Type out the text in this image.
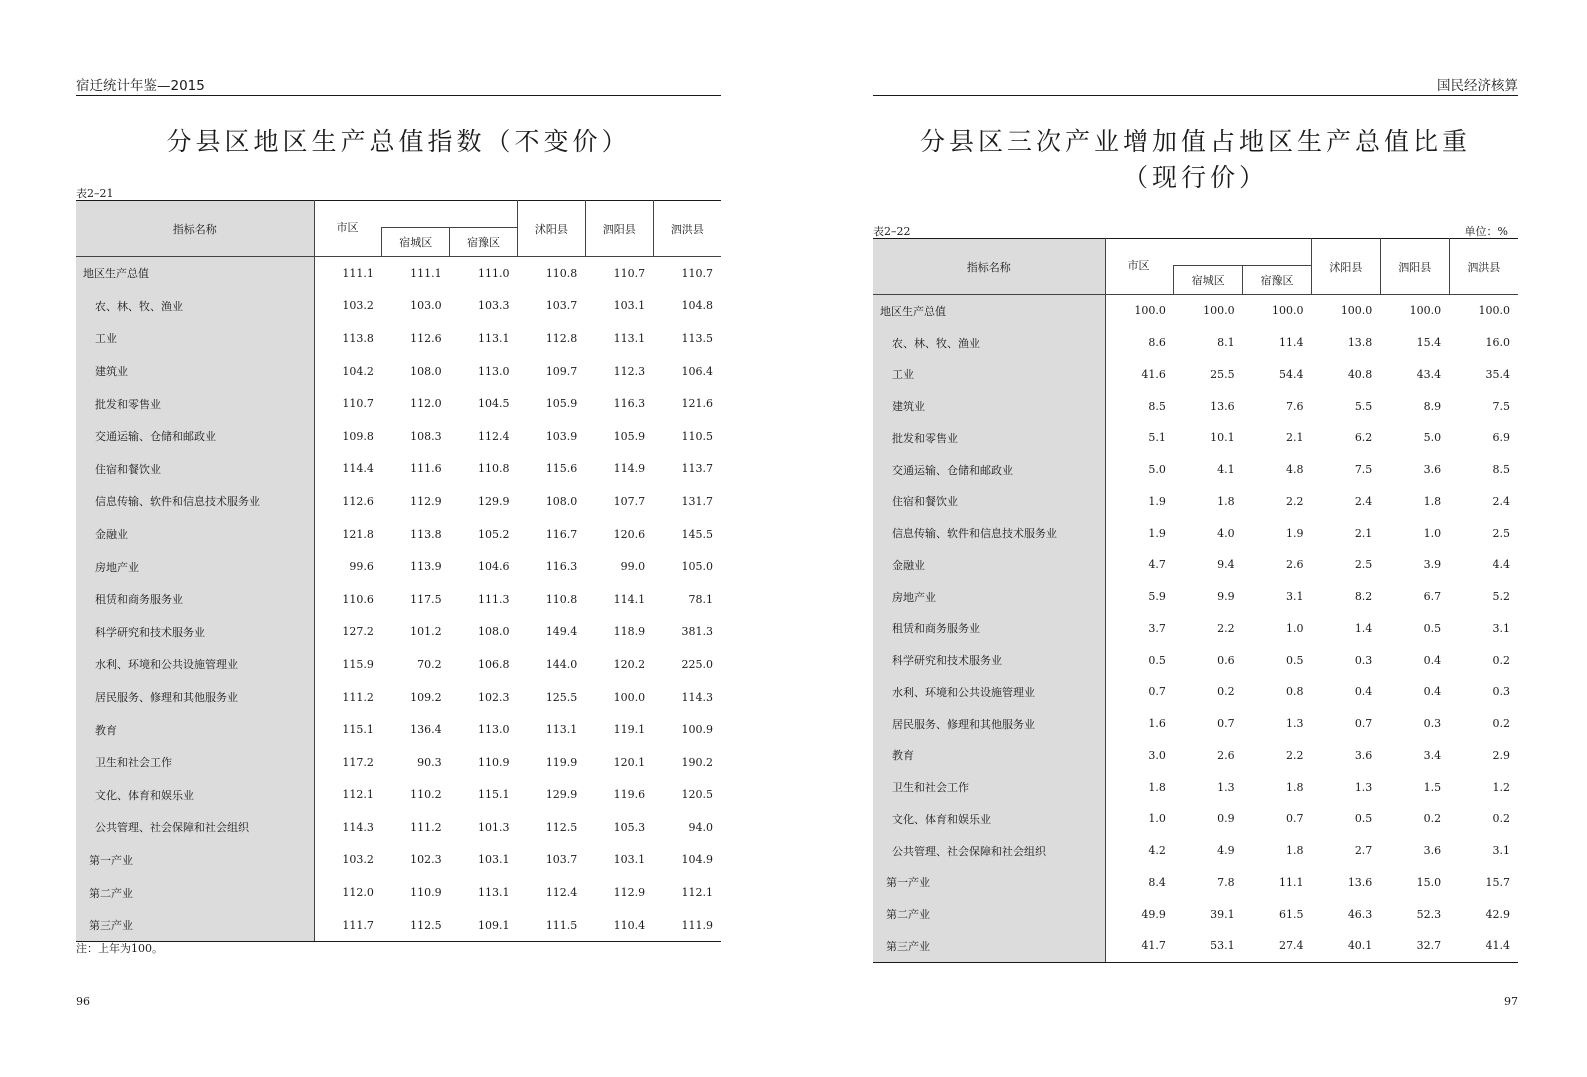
宿迁统计年鉴—2015
分县区地区生产总值指数（不变价）
表2–21
指标名称	市区			沭阳县	泗阳县	泗洪县
		宿城区	宿豫区			
地区生产总值	111.1	111.1	111.0	110.8	110.7	110.7
农、林、牧、渔业	103.2	103.0	103.3	103.7	103.1	104.8
工业	113.8	112.6	113.1	112.8	113.1	113.5
建筑业	104.2	108.0	113.0	109.7	112.3	106.4
批发和零售业	110.7	112.0	104.5	105.9	116.3	121.6
交通运输、仓储和邮政业	109.8	108.3	112.4	103.9	105.9	110.5
住宿和餐饮业	114.4	111.6	110.8	115.6	114.9	113.7
信息传输、软件和信息技术服务业	112.6	112.9	129.9	108.0	107.7	131.7
金融业	121.8	113.8	105.2	116.7	120.6	145.5
房地产业	99.6	113.9	104.6	116.3	99.0	105.0
租赁和商务服务业	110.6	117.5	111.3	110.8	114.1	78.1
科学研究和技术服务业	127.2	101.2	108.0	149.4	118.9	381.3
水利、环境和公共设施管理业	115.9	70.2	106.8	144.0	120.2	225.0
居民服务、修理和其他服务业	111.2	109.2	102.3	125.5	100.0	114.3
教育	115.1	136.4	113.0	113.1	119.1	100.9
卫生和社会工作	117.2	90.3	110.9	119.9	120.1	190.2
文化、体育和娱乐业	112.1	110.2	115.1	129.9	119.6	120.5
公共管理、社会保障和社会组织	114.3	111.2	101.3	112.5	105.3	94.0
第一产业	103.2	102.3	103.1	103.7	103.1	104.9
第二产业	112.0	110.9	113.1	112.4	112.9	112.1
第三产业	111.7	112.5	109.1	111.5	110.4	111.9
注：上年为100。
96
国民经济核算
分县区三次产业增加值占地区生产总值比重
（现行价）
表2–22	单位：%
指标名称	市区			沭阳县	泗阳县	泗洪县
		宿城区	宿豫区			
地区生产总值	100.0	100.0	100.0	100.0	100.0	100.0
农、林、牧、渔业	8.6	8.1	11.4	13.8	15.4	16.0
工业	41.6	25.5	54.4	40.8	43.4	35.4
建筑业	8.5	13.6	7.6	5.5	8.9	7.5
批发和零售业	5.1	10.1	2.1	6.2	5.0	6.9
交通运输、仓储和邮政业	5.0	4.1	4.8	7.5	3.6	8.5
住宿和餐饮业	1.9	1.8	2.2	2.4	1.8	2.4
信息传输、软件和信息技术服务业	1.9	4.0	1.9	2.1	1.0	2.5
金融业	4.7	9.4	2.6	2.5	3.9	4.4
房地产业	5.9	9.9	3.1	8.2	6.7	5.2
租赁和商务服务业	3.7	2.2	1.0	1.4	0.5	3.1
科学研究和技术服务业	0.5	0.6	0.5	0.3	0.4	0.2
水利、环境和公共设施管理业	0.7	0.2	0.8	0.4	0.4	0.3
居民服务、修理和其他服务业	1.6	0.7	1.3	0.7	0.3	0.2
教育	3.0	2.6	2.2	3.6	3.4	2.9
卫生和社会工作	1.8	1.3	1.8	1.3	1.5	1.2
文化、体育和娱乐业	1.0	0.9	0.7	0.5	0.2	0.2
公共管理、社会保障和社会组织	4.2	4.9	1.8	2.7	3.6	3.1
第一产业	8.4	7.8	11.1	13.6	15.0	15.7
第二产业	49.9	39.1	61.5	46.3	52.3	42.9
第三产业	41.7	53.1	27.4	40.1	32.7	41.4
97
